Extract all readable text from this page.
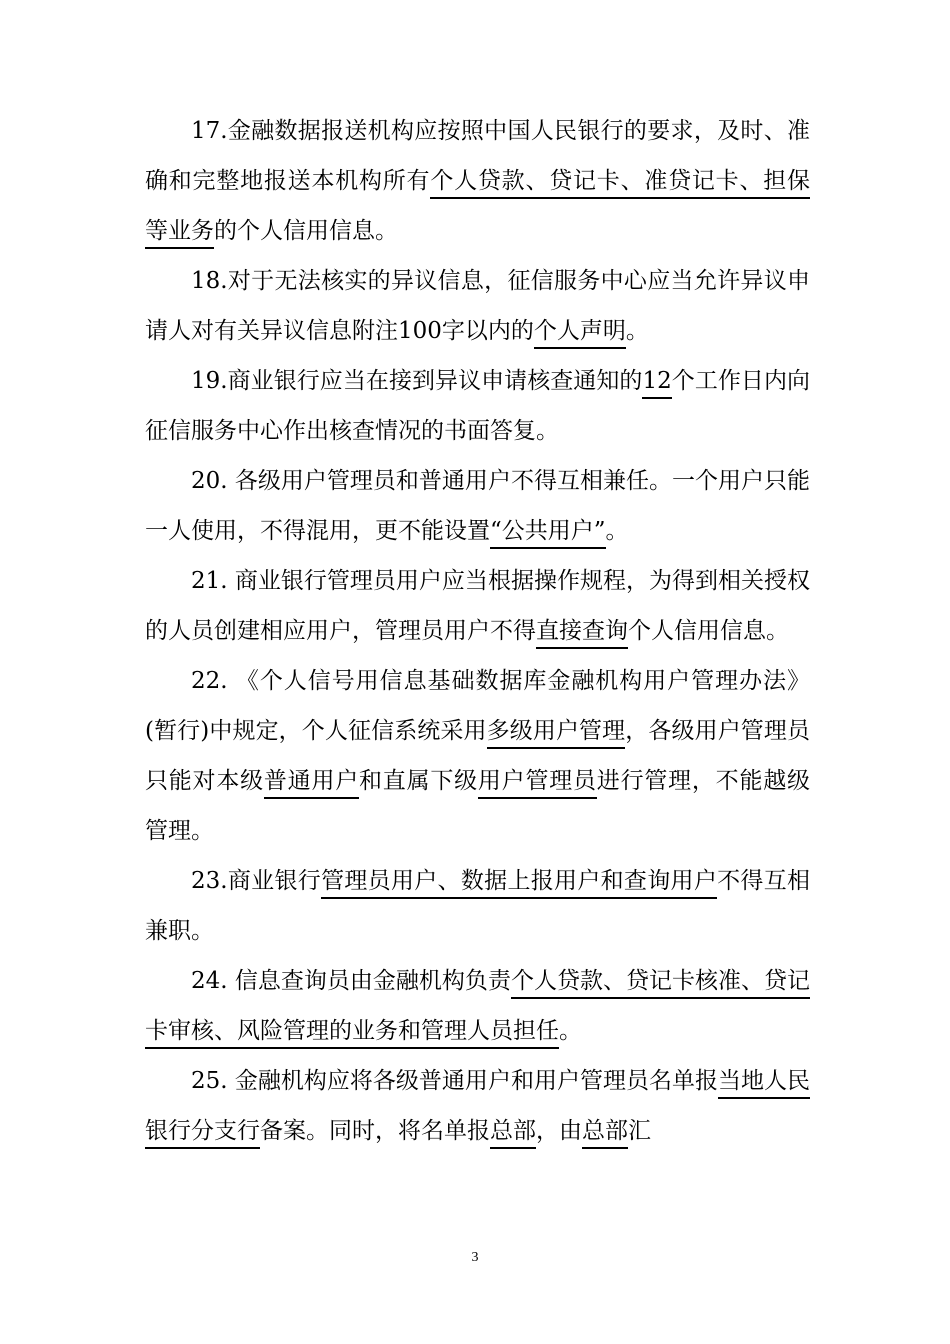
17.金融数据报送机构应按照中国人民银行的要求，及时、准确和完整地报送本机构所有个人贷款、贷记卡、准贷记卡、担保等业务的个人信用信息。

18.对于无法核实的异议信息，征信服务中心应当允许异议申请人对有关异议信息附注100字以内的个人声明。

19.商业银行应当在接到异议申请核查通知的12个工作日内向征信服务中心作出核查情况的书面答复。

20. 各级用户管理员和普通用户不得互相兼任。一个用户只能一人使用，不得混用，更不能设置“公共用户”。

21. 商业银行管理员用户应当根据操作规程，为得到相关授权的人员创建相应用户，管理员用户不得直接查询个人信用信息。

22. 《个人信号用信息基础数据库金融机构用户管理办法》(暂行)中规定，个人征信系统采用多级用户管理，各级用户管理员只能对本级普通用户和直属下级用户管理员进行管理，不能越级管理。

23.商业银行管理员用户、数据上报用户和查询用户不得互相兼职。

24. 信息查询员由金融机构负责个人贷款、贷记卡核准、贷记卡审核、风险管理的业务和管理人员担任。

25. 金融机构应将各级普通用户和用户管理员名单报当地人民银行分支行备案。同时，将名单报总部，由总部汇

3
